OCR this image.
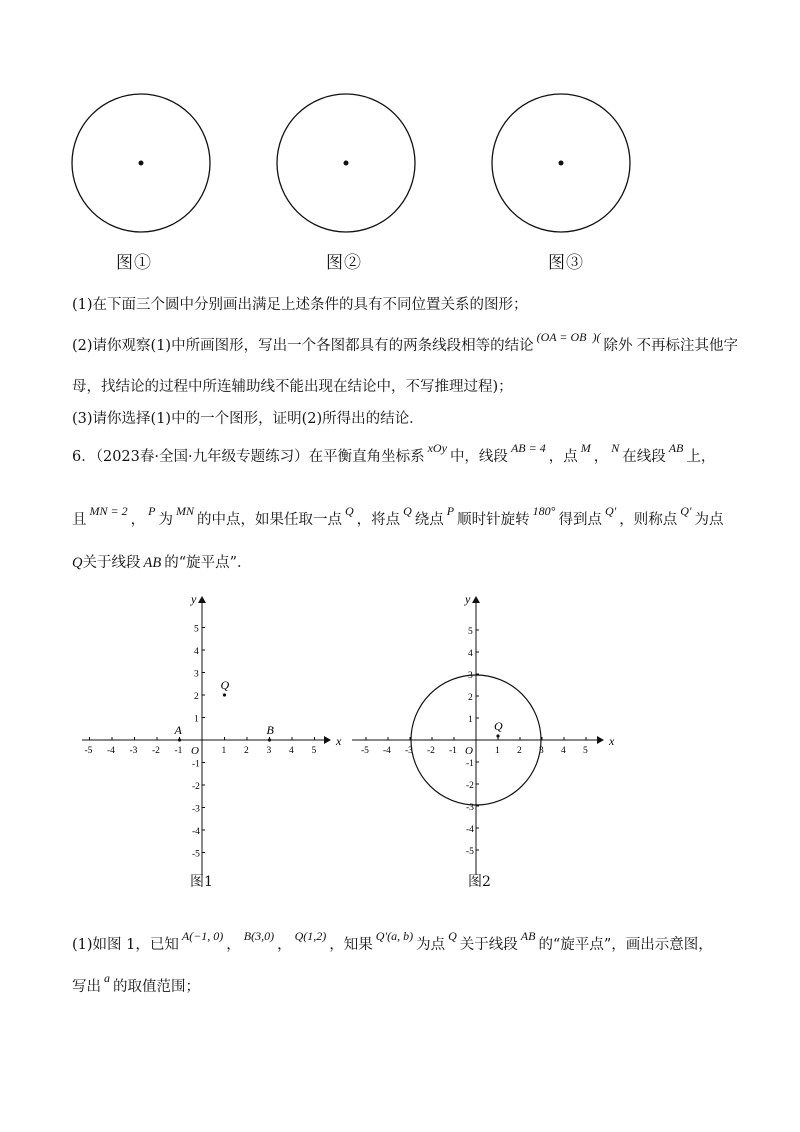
图①	图②	图③
(1)在下面三个圆中分别画出满足上述条件的具有不同位置关系的图形；
(2)请你观察(1)中所画图形，写出一个各图都具有的两条线段相等的结论$^{(OA = OB}$ )(除外 不再标注其他字
母，找结论的过程中所连辅助线不能出现在结论中，不写推理过程)；
(3)请你选择(1)中的一个图形，证明(2)所得出的结论．
6．（2023春·全国·九年级专题练习）在平衡直角坐标系$^{xOy}$中，线段$^{AB = 4}$，点$^M$，$^N$在线段$^{AB}$上，
且$^{MN = 2}$，$^P$为$^{MN}$的中点，如果任取一点$^Q$，将点$^Q$绕点$^P$顺时针旋转$^{180^\circ}$得到点$^{Q'}$，则称点$^{Q'}$为点
Q关于线段 AB 的“旋平点”．
x
y
O
-5 -4 -3 -2 -1	1 2 3 4 5
5
4
3
2
1
-1
-2
-3
-4
-5
A	B
Q
x
y
O
-5 -4 -3 -2 -1	1 2 3 4 5
5
4
3
2
1
-1
-2
-3
-4
-5
Q
图1	图2
(1)如图 1，已知$^{A(-1, 0)}$，$^{B(3,0)}$，$^{Q(1,2)}$，知果$^{Q'(a, b)}$为点$^Q$关于线段$^{AB}$的“旋平点”，画出示意图，
写出$^a$的取值范围；
